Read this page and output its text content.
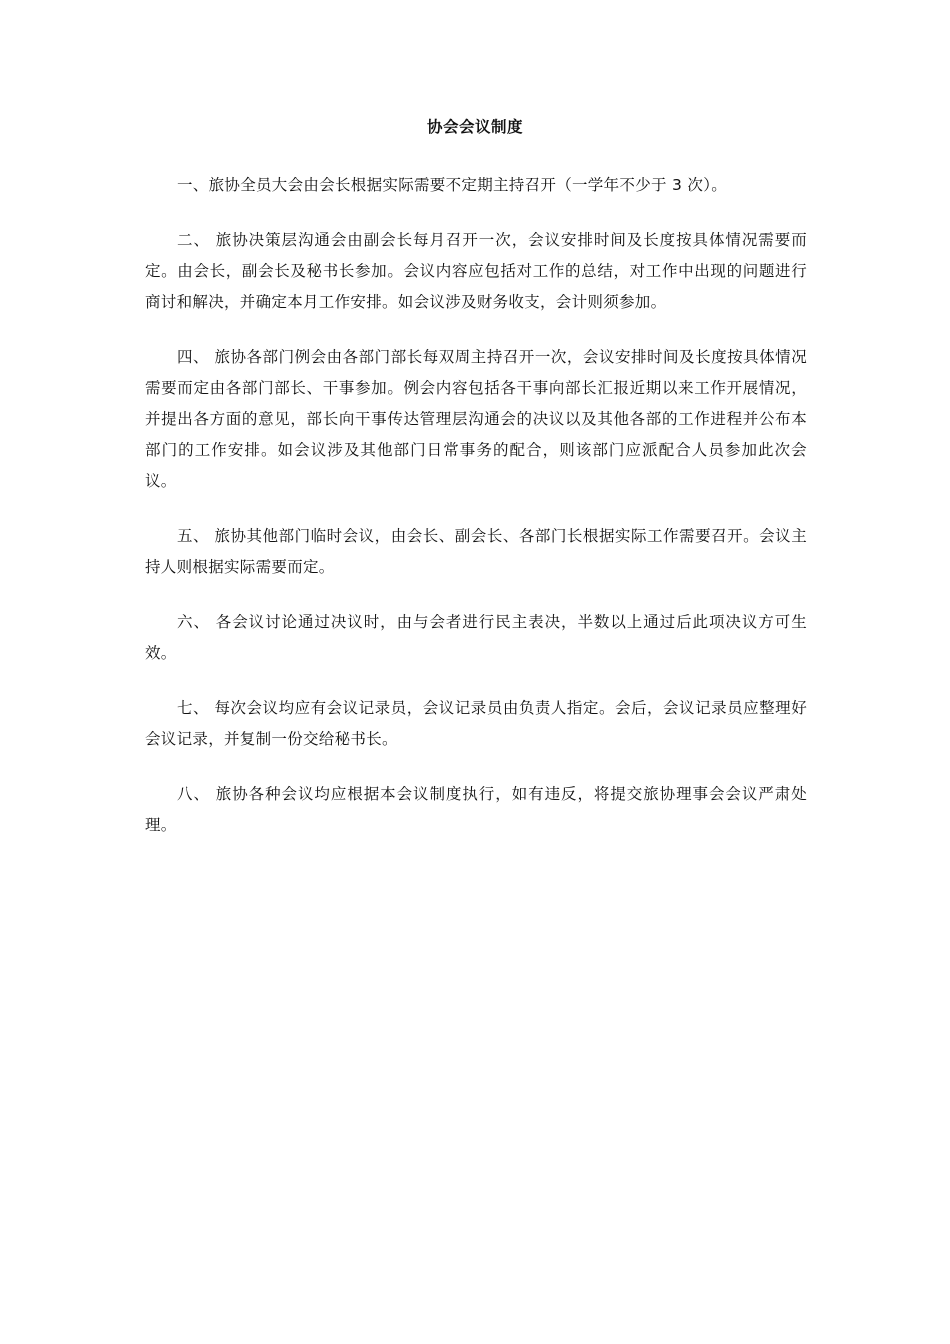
协会会议制度

一、旅协全员大会由会长根据实际需要不定期主持召开（一学年不少于 3 次）。

二、 旅协决策层沟通会由副会长每月召开一次，会议安排时间及长度按具体情况需要而定。由会长，副会长及秘书长参加。会议内容应包括对工作的总结，对工作中出现的问题进行商讨和解决，并确定本月工作安排。如会议涉及财务收支，会计则须参加。

四、 旅协各部门例会由各部门部长每双周主持召开一次，会议安排时间及长度按具体情况需要而定由各部门部长、干事参加。例会内容包括各干事向部长汇报近期以来工作开展情况，并提出各方面的意见，部长向干事传达管理层沟通会的决议以及其他各部的工作进程并公布本部门的工作安排。如会议涉及其他部门日常事务的配合，则该部门应派配合人员参加此次会议。

五、 旅协其他部门临时会议，由会长、副会长、各部门长根据实际工作需要召开。会议主持人则根据实际需要而定。

六、 各会议讨论通过决议时，由与会者进行民主表决，半数以上通过后此项决议方可生效。

七、 每次会议均应有会议记录员，会议记录员由负责人指定。会后，会议记录员应整理好会议记录，并复制一份交给秘书长。

八、 旅协各种会议均应根据本会议制度执行，如有违反，将提交旅协理事会会议严肃处理。
